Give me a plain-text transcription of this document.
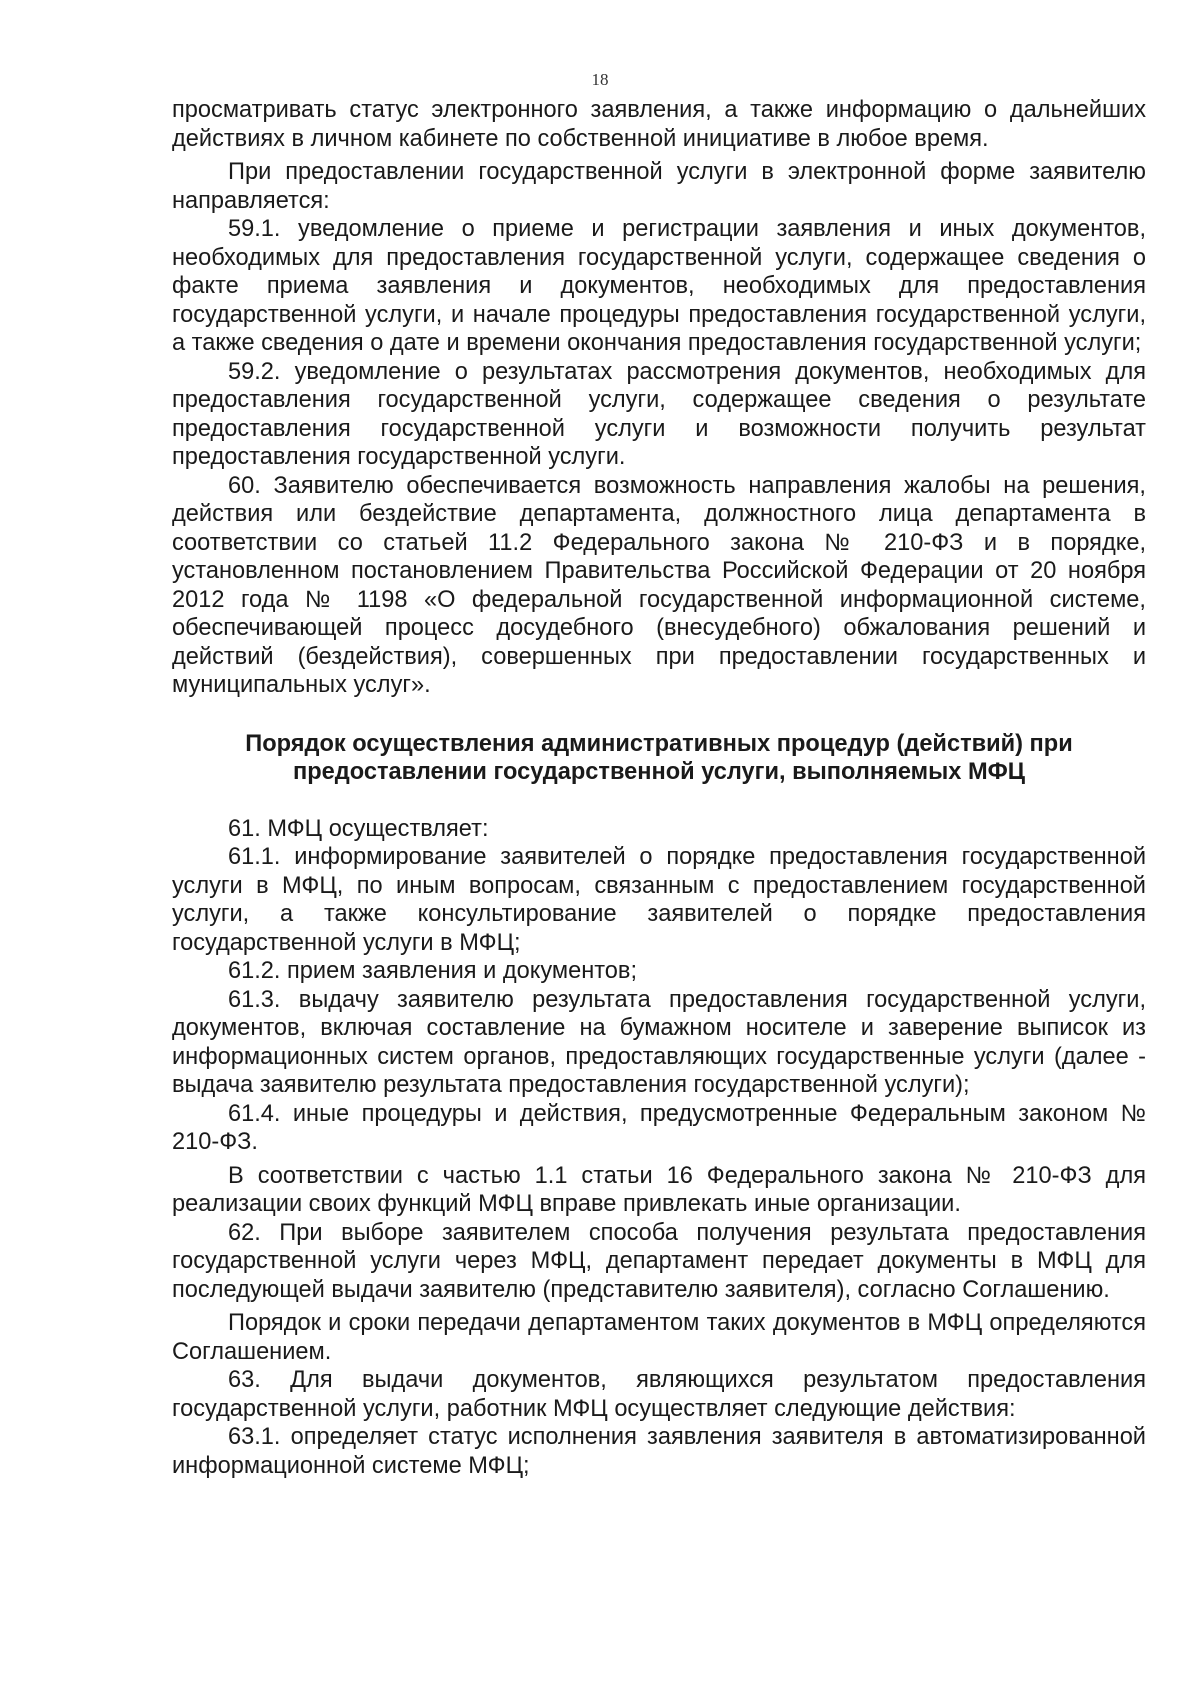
18

просматривать статус электронного заявления, а также информацию о дальнейших действиях в личном кабинете по собственной инициативе в любое время.

При предоставлении государственной услуги в электронной форме заявителю направляется:

59.1. уведомление о приеме и регистрации заявления и иных документов, необходимых для предоставления государственной услуги, содержащее сведения о факте приема заявления и документов, необходимых для предоставления государственной услуги, и начале процедуры предоставления государственной услуги, а также сведения о дате и времени окончания предоставления государственной услуги;

59.2. уведомление о результатах рассмотрения документов, необходимых для предоставления государственной услуги, содержащее сведения о результате предоставления государственной услуги и возможности получить результат предоставления государственной услуги.

60. Заявителю обеспечивается возможность направления жалобы на решения, действия или бездействие департамента, должностного лица департамента в соответствии со статьей 11.2 Федерального закона № 210-ФЗ и в порядке, установленном постановлением Правительства Российской Федерации от 20 ноября 2012 года № 1198 «О федеральной государственной информационной системе, обеспечивающей процесс досудебного (внесудебного) обжалования решений и действий (бездействия), совершенных при предоставлении государственных и муниципальных услуг».

Порядок осуществления административных процедур (действий) при предоставлении государственной услуги, выполняемых МФЦ

61. МФЦ осуществляет:

61.1. информирование заявителей о порядке предоставления государственной услуги в МФЦ, по иным вопросам, связанным с предоставлением государственной услуги, а также консультирование заявителей о порядке предоставления государственной услуги в МФЦ;

61.2. прием заявления и документов;

61.3. выдачу заявителю результата предоставления государственной услуги, документов, включая составление на бумажном носителе и заверение выписок из информационных систем органов, предоставляющих государственные услуги (далее - выдача заявителю результата предоставления государственной услуги);

61.4. иные процедуры и действия, предусмотренные Федеральным законом № 210-ФЗ.

В соответствии с частью 1.1 статьи 16 Федерального закона № 210-ФЗ для реализации своих функций МФЦ вправе привлекать иные организации.

62. При выборе заявителем способа получения результата предоставления государственной услуги через МФЦ, департамент передает документы в МФЦ для последующей выдачи заявителю (представителю заявителя), согласно Соглашению.

Порядок и сроки передачи департаментом таких документов в МФЦ определяются Соглашением.

63. Для выдачи документов, являющихся результатом предоставления государственной услуги, работник МФЦ осуществляет следующие действия:

63.1. определяет статус исполнения заявления заявителя в автоматизированной информационной системе МФЦ;
